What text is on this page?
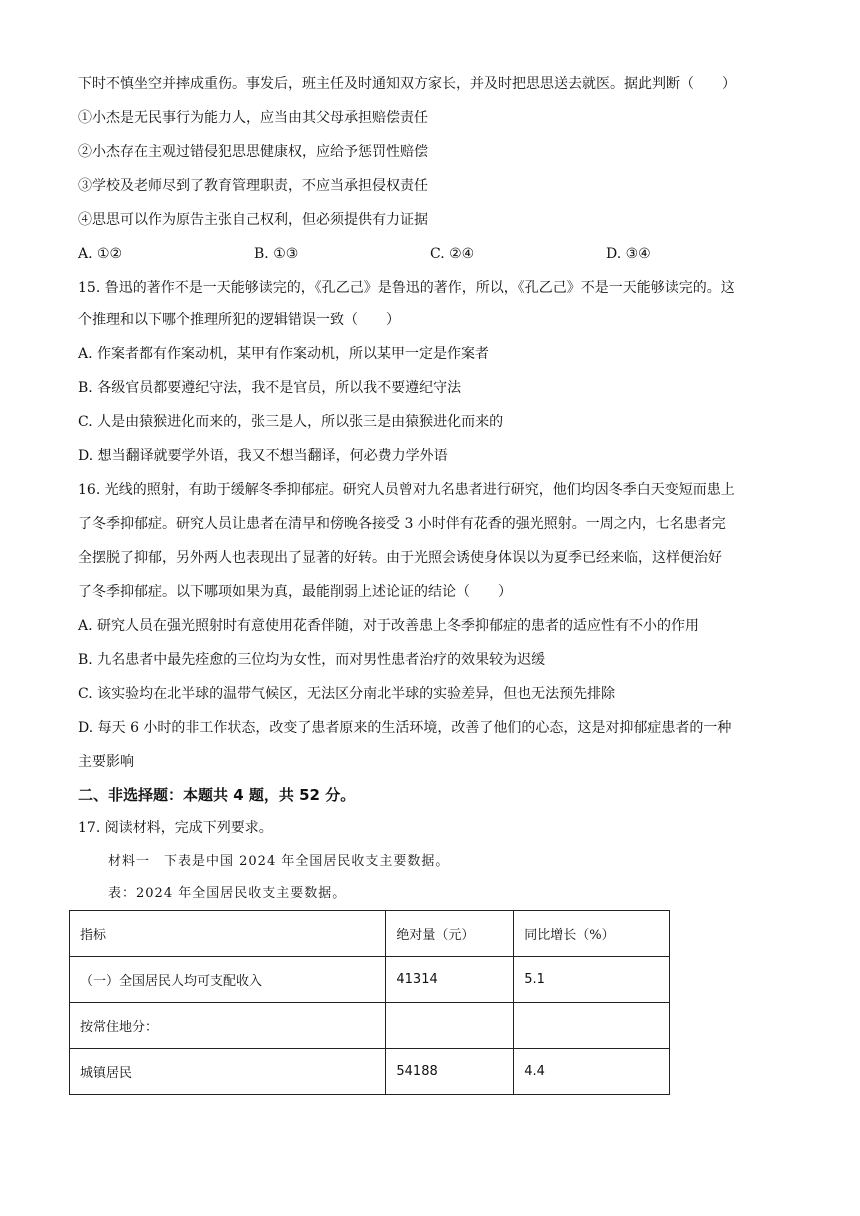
下时不慎坐空并摔成重伤。事发后，班主任及时通知双方家长，并及时把思思送去就医。据此判断（　　）
①小杰是无民事行为能力人，应当由其父母承担赔偿责任
②小杰存在主观过错侵犯思思健康权，应给予惩罚性赔偿
③学校及老师尽到了教育管理职责，不应当承担侵权责任
④思思可以作为原告主张自己权利，但必须提供有力证据
A. ①②	B. ①③	C. ②④	D. ③④
15. 鲁迅的著作不是一天能够读完的，《孔乙己》是鲁迅的著作，所以，《孔乙己》不是一天能够读完的。这
个推理和以下哪个推理所犯的逻辑错误一致（　　）
A. 作案者都有作案动机，某甲有作案动机，所以某甲一定是作案者
B. 各级官员都要遵纪守法，我不是官员，所以我不要遵纪守法
C. 人是由猿猴进化而来的，张三是人，所以张三是由猿猴进化而来的
D. 想当翻译就要学外语，我又不想当翻译，何必费力学外语
16. 光线的照射，有助于缓解冬季抑郁症。研究人员曾对九名患者进行研究，他们均因冬季白天变短而患上
了冬季抑郁症。研究人员让患者在清早和傍晚各接受 3 小时伴有花香的强光照射。一周之内，七名患者完
全摆脱了抑郁，另外两人也表现出了显著的好转。由于光照会诱使身体误以为夏季已经来临，这样便治好
了冬季抑郁症。以下哪项如果为真，最能削弱上述论证的结论（　　）
A. 研究人员在强光照射时有意使用花香伴随，对于改善患上冬季抑郁症的患者的适应性有不小的作用
B. 九名患者中最先痊愈的三位均为女性，而对男性患者治疗的效果较为迟缓
C. 该实验均在北半球的温带气候区，无法区分南北半球的实验差异，但也无法预先排除
D. 每天 6 小时的非工作状态，改变了患者原来的生活环境，改善了他们的心态，这是对抑郁症患者的一种
主要影响
二、非选择题：本题共 4 题，共 52 分。
17. 阅读材料，完成下列要求。
材料一　下表是中国 2024 年全国居民收支主要数据。
表：2024 年全国居民收支主要数据。
指标	绝对量（元）	同比增长（%）
（一）全国居民人均可支配收入	41314	5.1
按常住地分：		
城镇居民	54188	4.4
